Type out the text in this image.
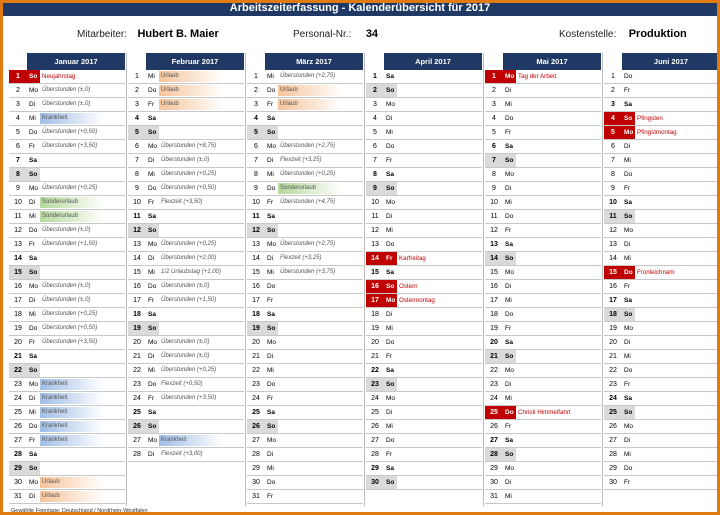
Arbeitszeiterfassung - Kalenderübersicht für 2017
Mitarbeiter: Hubert B. Maier	Personal-Nr.: 34	Kostenstelle: Produktion
Januar 2017
1	So Neujahrstag
2	Mo Überstunden (±,0)
3	Di	Überstunden (±,0)
4	Mi	Krankheit
5	Do Überstunden (+0,50)
6	Fr	Überstunden (+3,50)
7	Sa
8	So
9	Mo Überstunden (+0,25)
10	Di	Sonderurlaub
11	Mi	Sonderurlaub
12	Do Überstunden (±,0)
13	Fr	Überstunden (+1,50)
14	Sa
15	So
16	Mo Überstunden (±,0)
17	Di	Überstunden (±,0)
18	Mi	Überstunden (+0,25)
19	Do Überstunden (+0,50)
20	Fr	Überstunden (+3,50)
21	Sa
22	So
23	Mo Krankheit
24	Di	Krankheit
25	Mi	Krankheit
26	Do Krankheit
27	Fr	Krankheit
28	Sa
29	So
30	Mo Urlaub
31	Di	Urlaub
Februar 2017
1	Mi	Urlaub
2	Do Urlaub
3	Fr	Urlaub
4	Sa
5	So
6	Mo Überstunden (+8,75)
7	Di	Überstunden (±,0)
8	Mi	Überstunden (+0,25)
9	Do Überstunden (+0,50)
10	Fr	Flexzeit (+3,50)
11	Sa
12	So
13	Mo Überstunden (+0,25)
14	Di	Überstunden (+2,00)
15	Mi	1/2 Urlaubstag (+1,00)
16	Do Überstunden (±,0)
17	Fr	Überstunden (+1,50)
18	Sa
19	So
20	Mo Überstunden (±,0)
21	Di	Überstunden (±,0)
22	Mi	Überstunden (+0,25)
23	Do Flexzeit (+0,50)
24	Fr	Überstunden (+3,50)
25	Sa
26	So
27	Mo Krankheit
28	Di	Flexzeit (+3,00)
März 2017
1	Mi	Überstunden (+2,75)
2	Do Urlaub
3	Fr	Urlaub
4	Sa
5	So
6	Mo Überstunden (+2,75)
7	Di	Flexzeit (+3,25)
8	Mi	Überstunden (+0,25)
9	Do Sonderurlaub
10	Fr	Überstunden (+4,75)
11	Sa
12	So
13	Mo Überstunden (+2,75)
14	Di	Flexzeit (+3,25)
15	Mi	Überstunden (+3,75)
16	Do
17	Fr
18	Sa
19	So
20	Mo
21	Di
22	Mi
23	Do
24	Fr
25	Sa
26	So
27	Mo
28	Di
29	Mi
30	Do
31	Fr
April 2017
1	Sa
2	So
3	Mo
4	Di
5	Mi
6	Do
7	Fr
8	Sa
9	So
10	Mo
11	Di
12	Mi
13	Do
14	Fr	Karfreitag
15	Sa
16	So Ostern
17	Mo Ostermontag
18	Di
19	Mi
20	Do
21	Fr
22	Sa
23	So
24	Mo
25	Di
26	Mi
27	Do
28	Fr
29	Sa
30	So
Mai 2017
1	Mo Tag der Arbeit
2	Di
3	Mi
4	Do
5	Fr
6	Sa
7	So
8	Mo
9	Di
10	Mi
11	Do
12	Fr
13	Sa
14	So
15	Mo
16	Di
17	Mi
18	Do
19	Fr
20	Sa
21	So
22	Mo
23	Di
24	Mi
25	Do Christi Himmelfahrt
26	Fr
27	Sa
28	So
29	Mo
30	Di
31	Mi
Juni 2017
1	Do
2	Fr
3	Sa
4	So Pfingsten
5	Mo Pfingstmontag
6	Di
7	Mi
8	Do
9	Fr
10	Sa
11	So
12	Mo
13	Di
14	Mi
15	Do Fronleichnam
16	Fr
17	Sa
18	So
19	Mo
20	Di
21	Mi
22	Do
23	Fr
24	Sa
25	So
26	Mo
27	Di
28	Mi
29	Do
30	Fr
Gewählte Feiertage: Deutschland / Nordrhein-Westfalen
